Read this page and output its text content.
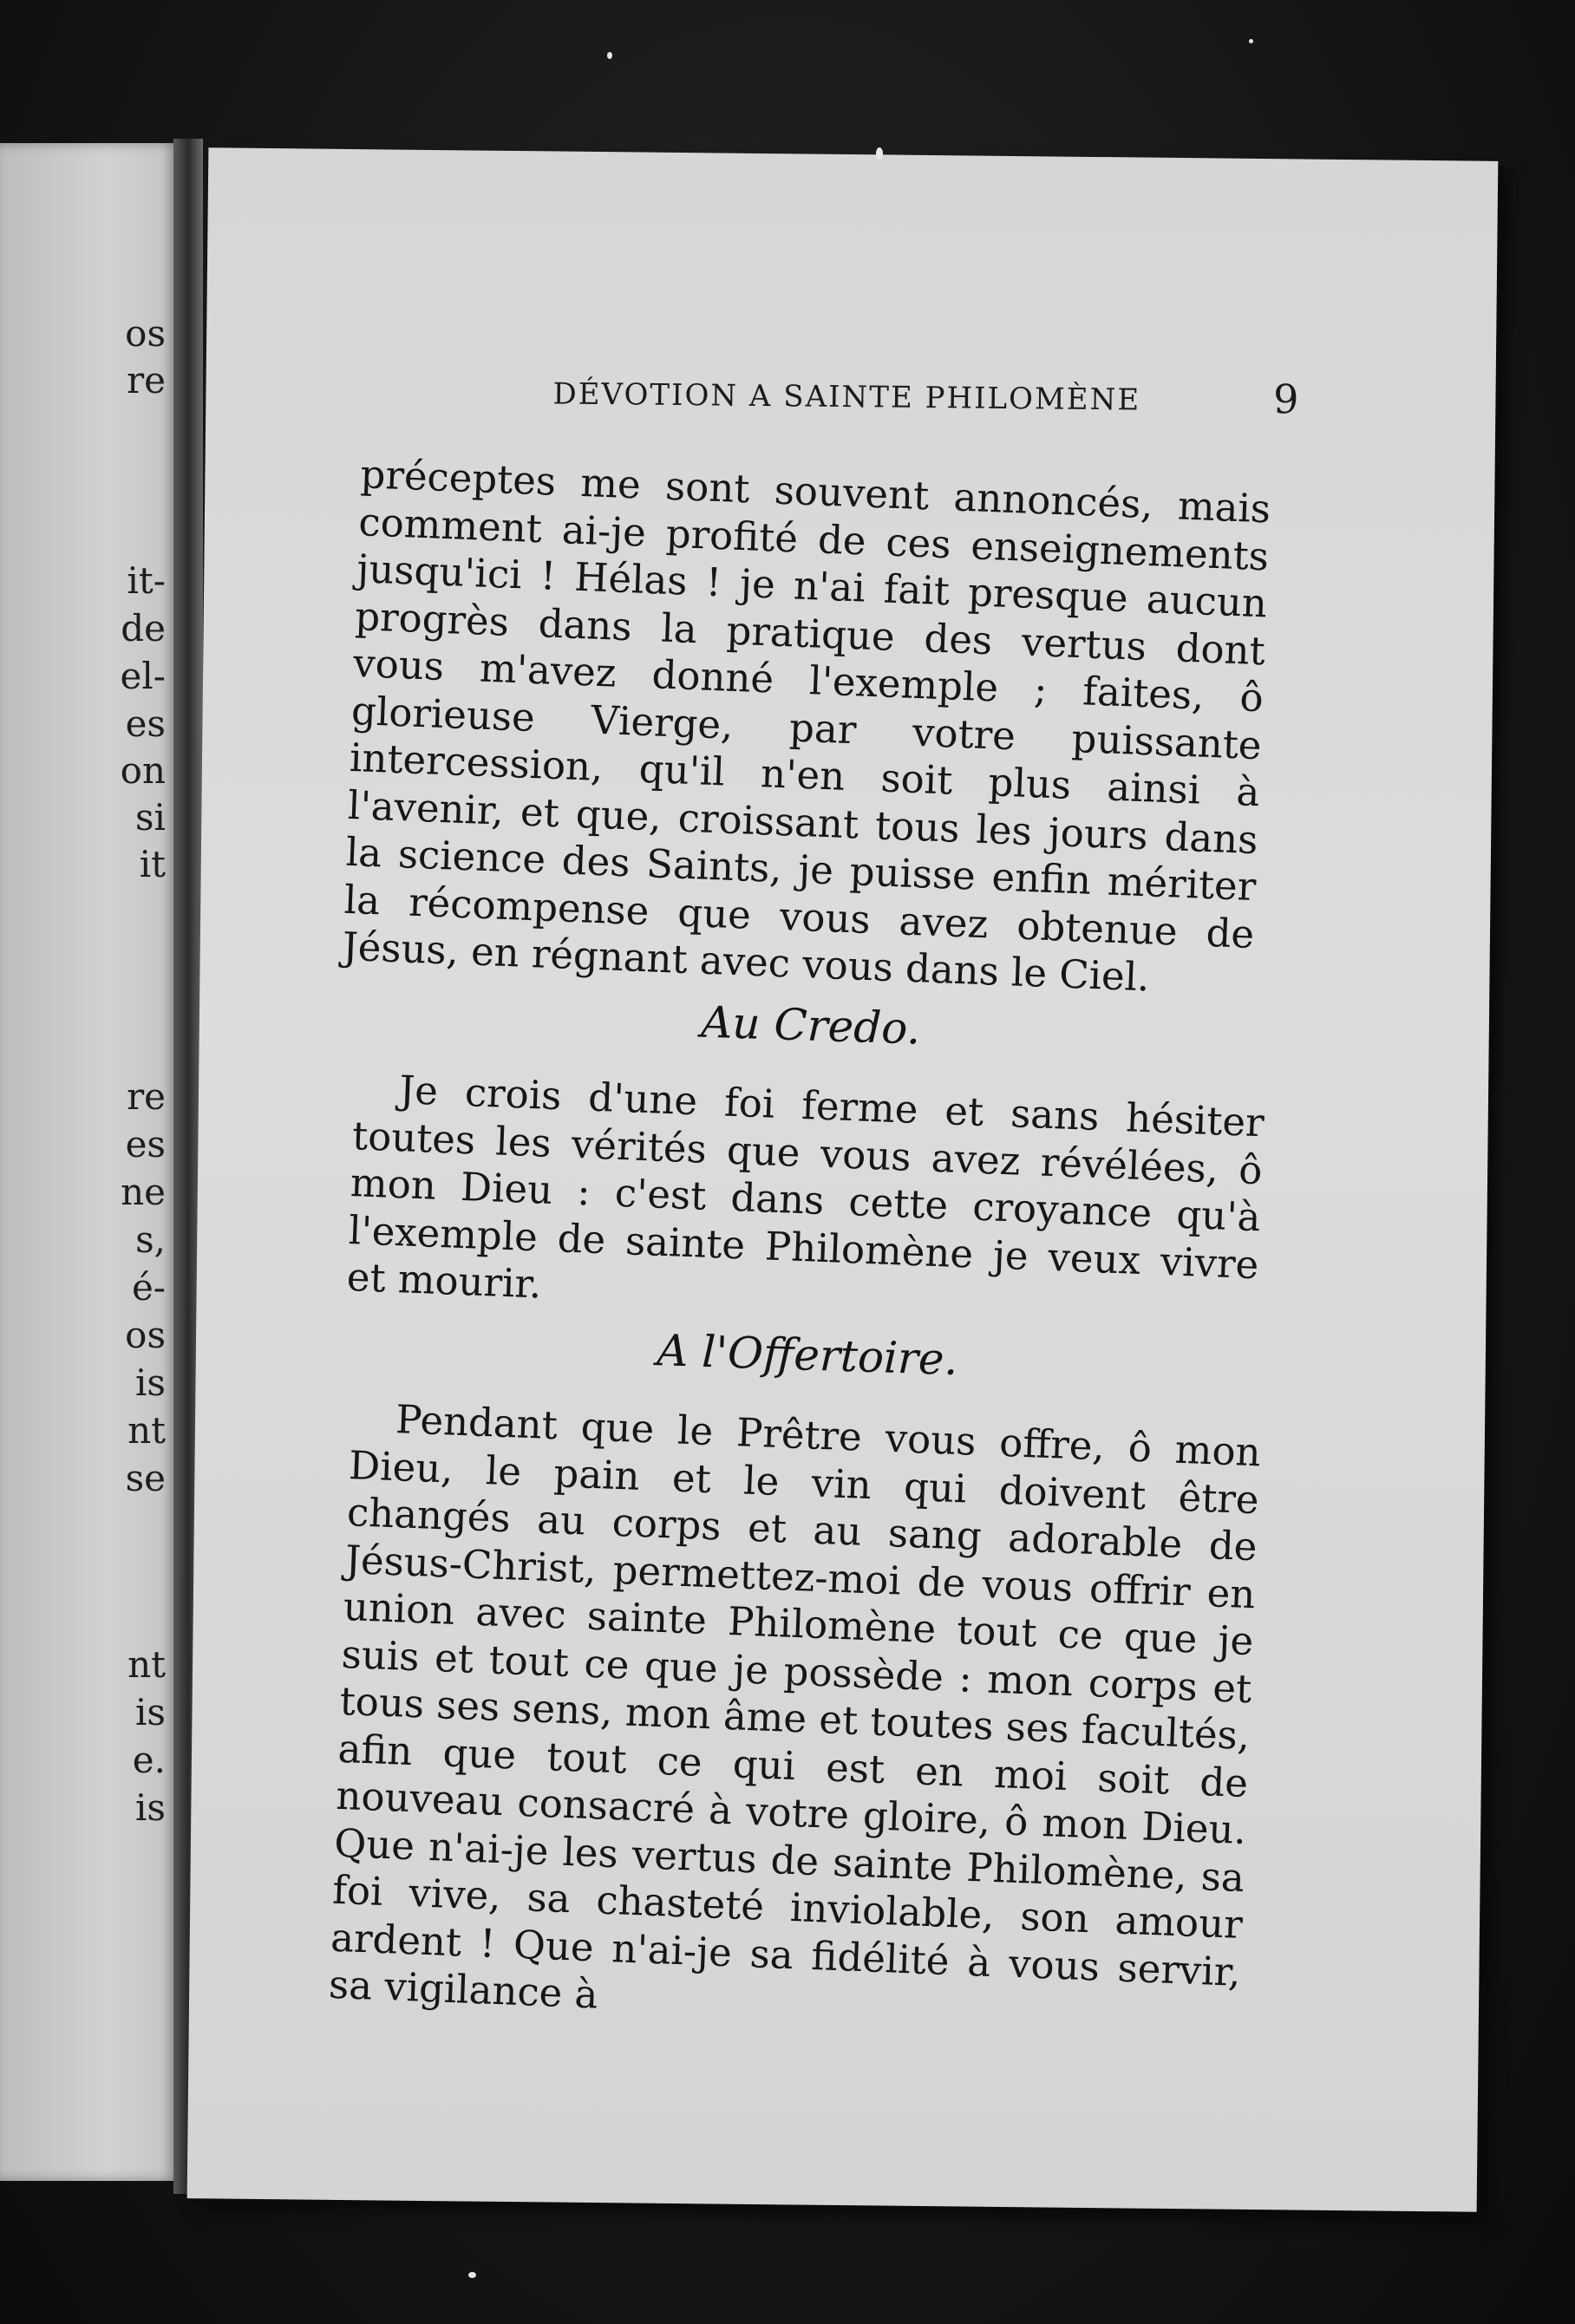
os
re
it-
de
el-
es
on
si
it
re
es
ne
s,
é-
os
is
nt
se
nt
is
e.
is
DÉVOTION A SAINTE PHILOMÈNE	9

préceptes me sont souvent annoncés, mais comment ai-je profité de ces enseignements jusqu'ici ! Hélas ! je n'ai fait presque aucun progrès dans la pratique des vertus dont vous m'avez donné l'exemple ; faites, ô glorieuse Vierge, par votre puissante intercession, qu'il n'en soit plus ainsi à l'avenir, et que, croissant tous les jours dans la science des Saints, je puisse enfin mériter la récompense que vous avez obtenue de Jésus, en régnant avec vous dans le Ciel.

Au Credo.

Je crois d'une foi ferme et sans hésiter toutes les vérités que vous avez révélées, ô mon Dieu : c'est dans cette croyance qu'à l'exemple de sainte Philomène je veux vivre et mourir.

A l'Offertoire.

Pendant que le Prêtre vous offre, ô mon Dieu, le pain et le vin qui doivent être changés au corps et au sang adorable de Jésus-Christ, permettez-moi de vous offrir en union avec sainte Philomène tout ce que je suis et tout ce que je possède : mon corps et tous ses sens, mon âme et toutes ses facultés, afin que tout ce qui est en moi soit de nouveau consacré à votre gloire, ô mon Dieu. Que n'ai-je les vertus de sainte Philomène, sa foi vive, sa chasteté inviolable, son amour ardent ! Que n'ai-je sa fidélité à vous servir, sa vigilance à
